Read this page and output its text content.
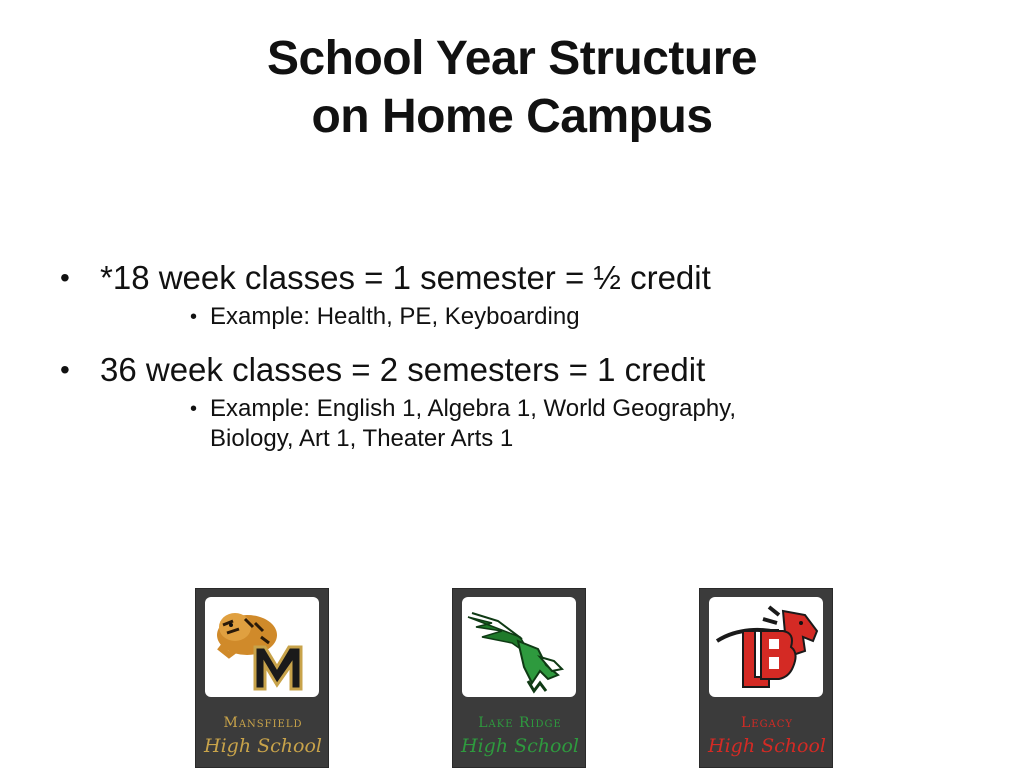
School Year Structure
on Home Campus
• *18 week classes = 1 semester = ½ credit
• Example: Health, PE, Keyboarding
• 36 week classes = 2 semesters = 1 credit
• Example: English 1, Algebra 1, World Geography,
Biology, Art 1, Theater Arts 1
Mansfield
High School
Lake Ridge
High School
Legacy
High School
